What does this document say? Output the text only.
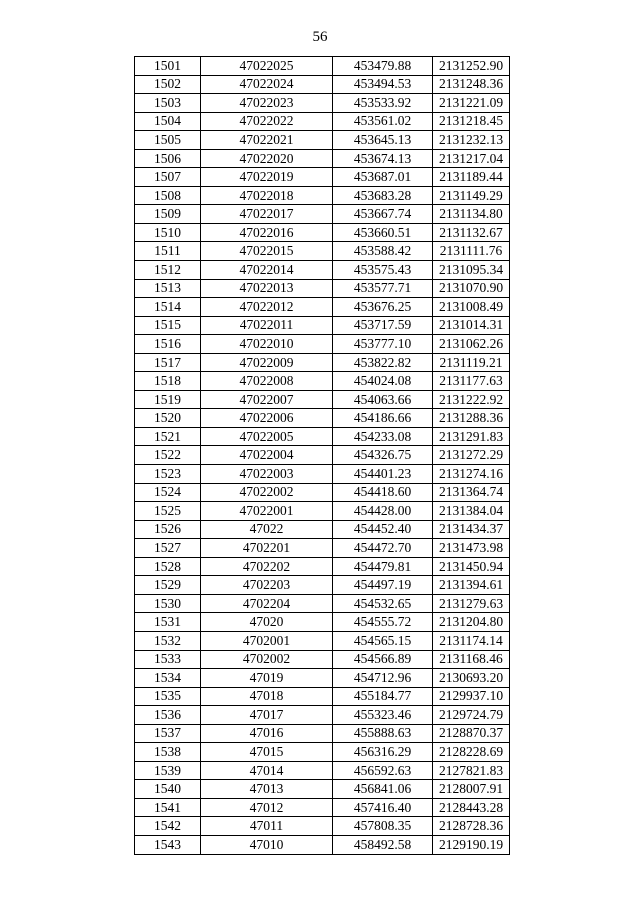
56
1501	47022025	453479.88	2131252.90
1502	47022024	453494.53	2131248.36
1503	47022023	453533.92	2131221.09
1504	47022022	453561.02	2131218.45
1505	47022021	453645.13	2131232.13
1506	47022020	453674.13	2131217.04
1507	47022019	453687.01	2131189.44
1508	47022018	453683.28	2131149.29
1509	47022017	453667.74	2131134.80
1510	47022016	453660.51	2131132.67
1511	47022015	453588.42	2131111.76
1512	47022014	453575.43	2131095.34
1513	47022013	453577.71	2131070.90
1514	47022012	453676.25	2131008.49
1515	47022011	453717.59	2131014.31
1516	47022010	453777.10	2131062.26
1517	47022009	453822.82	2131119.21
1518	47022008	454024.08	2131177.63
1519	47022007	454063.66	2131222.92
1520	47022006	454186.66	2131288.36
1521	47022005	454233.08	2131291.83
1522	47022004	454326.75	2131272.29
1523	47022003	454401.23	2131274.16
1524	47022002	454418.60	2131364.74
1525	47022001	454428.00	2131384.04
1526	47022	454452.40	2131434.37
1527	4702201	454472.70	2131473.98
1528	4702202	454479.81	2131450.94
1529	4702203	454497.19	2131394.61
1530	4702204	454532.65	2131279.63
1531	47020	454555.72	2131204.80
1532	4702001	454565.15	2131174.14
1533	4702002	454566.89	2131168.46
1534	47019	454712.96	2130693.20
1535	47018	455184.77	2129937.10
1536	47017	455323.46	2129724.79
1537	47016	455888.63	2128870.37
1538	47015	456316.29	2128228.69
1539	47014	456592.63	2127821.83
1540	47013	456841.06	2128007.91
1541	47012	457416.40	2128443.28
1542	47011	457808.35	2128728.36
1543	47010	458492.58	2129190.19
